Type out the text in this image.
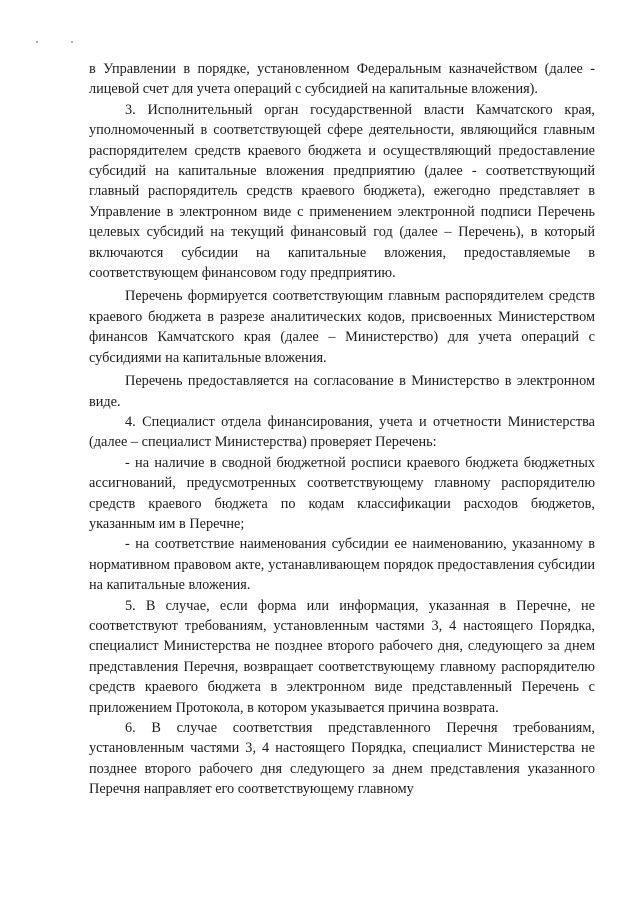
в Управлении в порядке, установленном Федеральным казначейством (далее - лицевой счет для учета операций с субсидией на капитальные вложения).

3. Исполнительный орган государственной власти Камчатского края, уполномоченный в соответствующей сфере деятельности, являющийся главным распорядителем средств краевого бюджета и осуществляющий предоставление субсидий на капитальные вложения предприятию (далее - соответствующий главный распорядитель средств краевого бюджета), ежегодно представляет в Управление в электронном виде с применением электронной подписи Перечень целевых субсидий на текущий финансовый год (далее – Перечень), в который включаются субсидии на капитальные вложения, предоставляемые в соответствующем финансовом году предприятию.

Перечень формируется соответствующим главным распорядителем средств краевого бюджета в разрезе аналитических кодов, присвоенных Министерством финансов Камчатского края (далее – Министерство) для учета операций с субсидиями на капитальные вложения.

Перечень предоставляется на согласование в Министерство в электронном виде.

4. Специалист отдела финансирования, учета и отчетности Министерства (далее – специалист Министерства) проверяет Перечень:

- на наличие в сводной бюджетной росписи краевого бюджета бюджетных ассигнований, предусмотренных соответствующему главному распорядителю средств краевого бюджета по кодам классификации расходов бюджетов, указанным им в Перечне;

- на соответствие наименования субсидии ее наименованию, указанному в нормативном правовом акте, устанавливающем порядок предоставления субсидии на капитальные вложения.

5. В случае, если форма или информация, указанная в Перечне, не соответствуют требованиям, установленным частями 3, 4 настоящего Порядка, специалист Министерства не позднее второго рабочего дня, следующего за днем представления Перечня, возвращает соответствующему главному распорядителю средств краевого бюджета в электронном виде представленный Перечень с приложением Протокола, в котором указывается причина возврата.

6. В случае соответствия представленного Перечня требованиям, установленным частями 3, 4 настоящего Порядка, специалист Министерства не позднее второго рабочего дня следующего за днем представления указанного Перечня направляет его соответствующему главному
